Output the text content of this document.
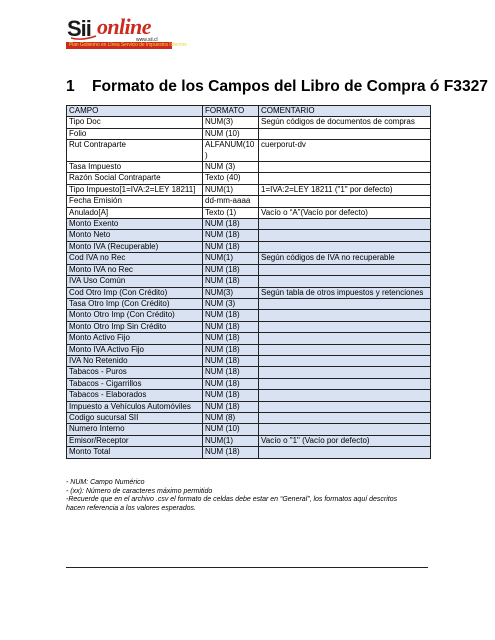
Sii online
www.sii.cl
Plan Gobierno en Línea Servicio de Impuestos Internos
1 Formato de los Campos del Libro de Compra ó F3327
CAMPO	FORMATO	COMENTARIO
Tipo Doc	NUM(3)	Según códigos de documentos de compras
Folio	NUM (10)	
Rut Contraparte	ALFANUM(10)	cuerporut-dv
Tasa Impuesto	NUM (3)	
Razón Social Contraparte	Texto (40)	
Tipo Impuesto[1=IVA:2=LEY 18211]	NUM(1)	1=IVA:2=LEY 18211 ("1" por defecto)
Fecha Emisión	dd-mm-aaaa	
Anulado[A]	Texto (1)	Vacío o “A”(Vacío por defecto)
Monto Exento	NUM (18)	
Monto Neto	NUM (18)	
Monto IVA (Recuperable)	NUM (18)	
Cod IVA no Rec	NUM(1)	Según códigos de IVA no recuperable
Monto IVA no Rec	NUM (18)	
IVA Uso Común	NUM (18)	
Cod Otro Imp (Con Crédito)	NUM(3)	Según tabla de otros impuestos y retenciones
Tasa Otro Imp (Con Crédito)	NUM (3)	
Monto Otro Imp (Con Crédito)	NUM (18)	
Monto Otro Imp Sin Crédito	NUM (18)	
Monto Activo Fijo	NUM (18)	
Monto IVA Activo Fijo	NUM (18)	
IVA No Retenido	NUM (18)	
Tabacos - Puros	NUM (18)	
Tabacos - Cigarrillos	NUM (18)	
Tabacos - Elaborados	NUM (18)	
Impuesto a Vehículos Automóviles	NUM (18)	
Codigo sucursal SII	NUM (8)	
Numero Interno	NUM (10)	
Emisor/Receptor	NUM(1)	Vacío o "1" (Vacío por defecto)
Monto Total	NUM (18)	
- NUM: Campo Numérico
- (xx): Número de caracteres máximo permitido
-Recuerde que en el archivo .csv el formato de celdas debe estar en “General”, los formatos aquí descritos
hacen referencia a los valores esperados.
